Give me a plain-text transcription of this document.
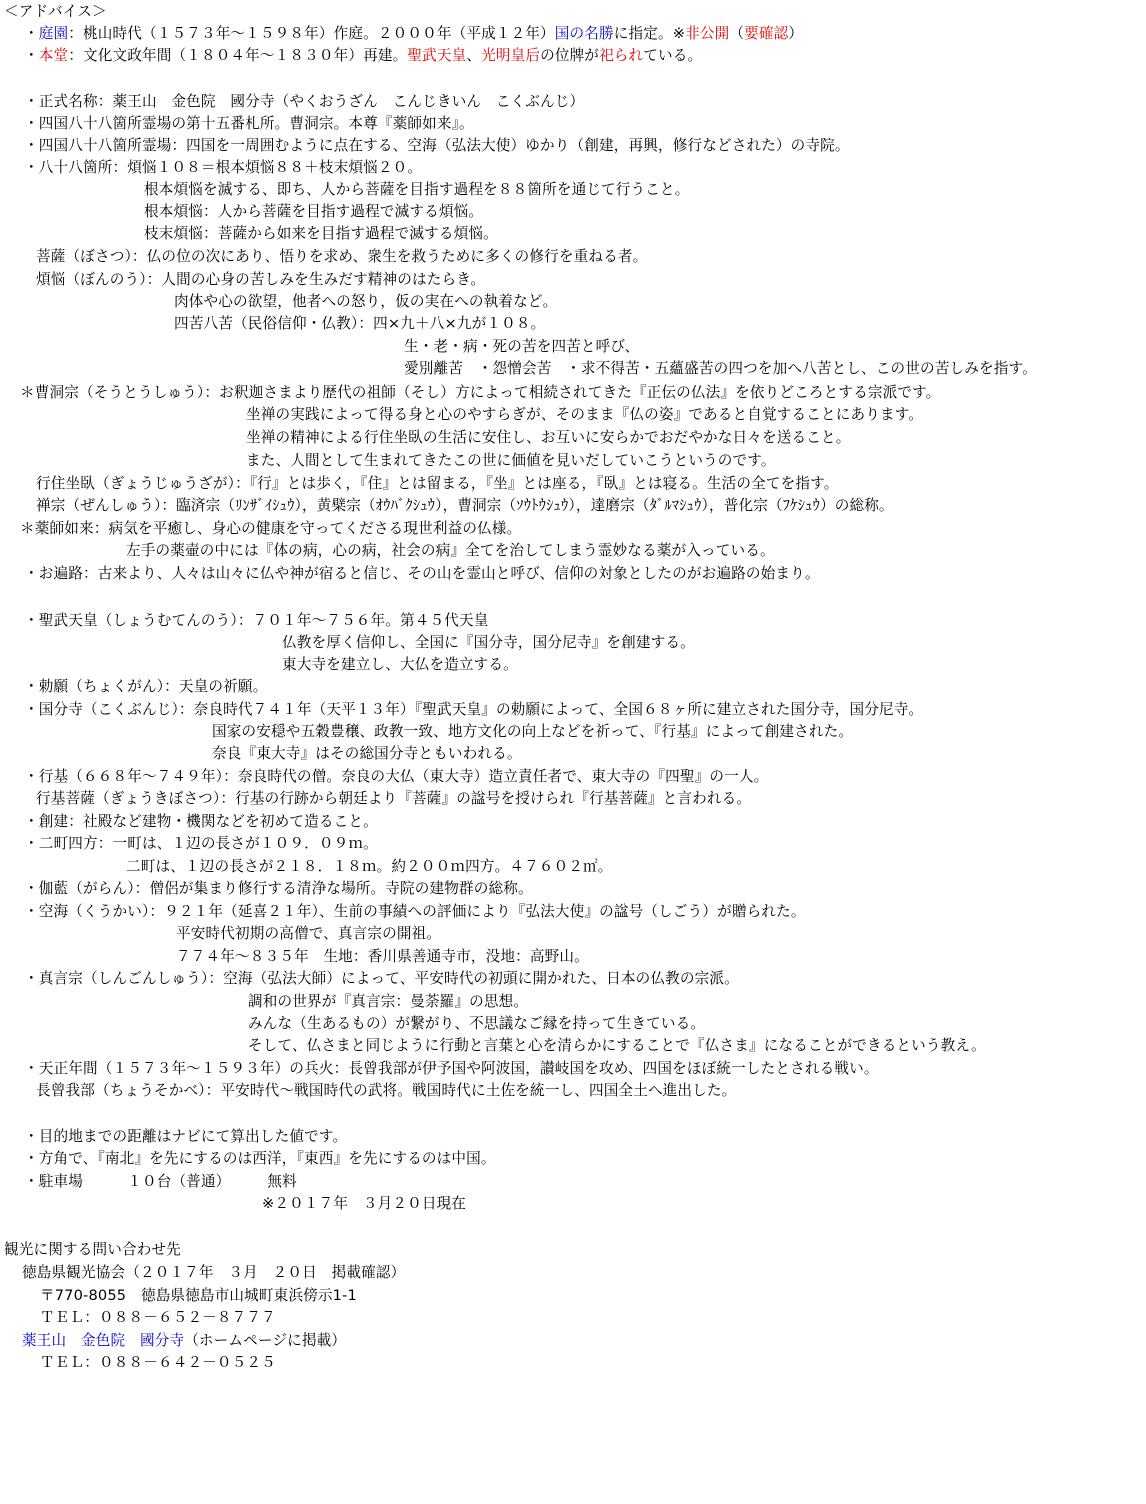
＜アドバイス＞
・庭園：桃山時代（１５７３年～１５９８年）作庭。２０００年（平成１２年）国の名勝に指定。※非公開（要確認）
・本堂：文化文政年間（１８０４年～１８３０年）再建。聖武天皇、光明皇后の位牌が祀られている。
・正式名称：薬王山　金色院　國分寺（やくおうざん　こんじきいん　こくぶんじ）
・四国八十八箇所霊場の第十五番札所。曹洞宗。本尊『薬師如来』。
・四国八十八箇所霊場：四国を一周囲むように点在する、空海（弘法大使）ゆかり（創建，再興，修行などされた）の寺院。
・八十八箇所：煩悩１０８＝根本煩悩８８＋枝末煩悩２０。
根本煩悩を滅する、即ち、人から菩薩を目指す過程を８８箇所を通じて行うこと。
根本煩悩：人から菩薩を目指す過程で滅する煩悩。
枝末煩悩：菩薩から如来を目指す過程で滅する煩悩。
菩薩（ぼさつ）：仏の位の次にあり、悟りを求め、衆生を救うために多くの修行を重ねる者。
煩悩（ぼんのう）：人間の心身の苦しみを生みだす精神のはたらき。
肉体や心の欲望，他者への怒り，仮の実在への執着など。
四苦八苦（民俗信仰・仏教）：四×九＋八×九が１０８。
生・老・病・死の苦を四苦と呼び、
愛別離苦　・怨憎会苦　・求不得苦・五蘊盛苦の四つを加へ八苦とし、この世の苦しみを指す。
＊曹洞宗（そうとうしゅう）：お釈迦さまより歴代の祖師（そし）方によって相続されてきた『正伝の仏法』を依りどころとする宗派です。
坐禅の実践によって得る身と心のやすらぎが、そのまま『仏の姿』であると自覚することにあります。
坐禅の精神による行住坐臥の生活に安住し、お互いに安らかでおだやかな日々を送ること。
また、人間として生まれてきたこの世に価値を見いだしていこうというのです。
行住坐臥（ぎょうじゅうざが）：『行』とは歩く，『住』とは留まる，『坐』とは座る，『臥』とは寝る。生活の全てを指す。
禅宗（ぜんしゅう）：臨済宗（ﾘﾝｻﾞｲｼｭｳ），黄檗宗（ｵｳﾊﾞｸｼｭｳ），曹洞宗（ｿｳﾄｳｼｭｳ），達磨宗（ﾀﾞﾙﾏｼｭｳ），普化宗（ﾌｹｼｭｳ）の総称。
＊薬師如来：病気を平癒し、身心の健康を守ってくださる現世利益の仏様。
左手の薬壷の中には『体の病，心の病，社会の病』全てを治してしまう霊妙なる薬が入っている。
・お遍路：古来より、人々は山々に仏や神が宿ると信じ、その山を霊山と呼び、信仰の対象としたのがお遍路の始まり。
・聖武天皇（しょうむてんのう）：７０１年～７５６年。第４５代天皇
仏教を厚く信仰し、全国に『国分寺，国分尼寺』を創建する。
東大寺を建立し、大仏を造立する。
・勅願（ちょくがん）：天皇の祈願。
・国分寺（こくぶんじ）：奈良時代７４１年（天平１３年）『聖武天皇』の勅願によって、全国６８ヶ所に建立された国分寺，国分尼寺。
国家の安穏や五穀豊穣、政教一致、地方文化の向上などを祈って、『行基』によって創建された。
奈良『東大寺』はその総国分寺ともいわれる。
・行基（６６８年～７４９年）：奈良時代の僧。奈良の大仏（東大寺）造立責任者で、東大寺の『四聖』の一人。
行基菩薩（ぎょうきぼさつ）：行基の行跡から朝廷より『菩薩』の諡号を授けられ『行基菩薩』と言われる。
・創建：社殿など建物・機関などを初めて造ること。
・二町四方：一町は、１辺の長さが１０９．０９ｍ。
二町は、１辺の長さが２１８．１８ｍ。約２００ｍ四方。４７６０２㎡。
・伽藍（がらん）：僧侶が集まり修行する清浄な場所。寺院の建物群の総称。
・空海（くうかい）：９２１年（延喜２１年）、生前の事績への評価により『弘法大使』の諡号（しごう）が贈られた。
平安時代初期の高僧で、真言宗の開祖。
７７４年～８３５年　生地：香川県善通寺市，没地：高野山。
・真言宗（しんごんしゅう）：空海（弘法大師）によって、平安時代の初頭に開かれた、日本の仏教の宗派。
調和の世界が『真言宗：曼荼羅』の思想。
みんな（生あるもの）が繋がり、不思議なご縁を持って生きている。
そして、仏さまと同じように行動と言葉と心を清らかにすることで『仏さま』になることができるという教え。
・天正年間（１５７３年～１５９３年）の兵火：長曾我部が伊予国や阿波国，讃岐国を攻め、四国をほぼ統一したとされる戦い。
長曾我部（ちょうそかべ）：平安時代～戦国時代の武将。戦国時代に土佐を統一し、四国全土へ進出した。
・目的地までの距離はナビにて算出した値です。
・方角で、『南北』を先にするのは西洋，『東西』を先にするのは中国。
・駐車場　　　１０台（普通）　　　無料
※２０１７年　３月２０日現在
観光に関する問い合わせ先
徳島県観光協会（２０１７年　３月　２０日　掲載確認）
〒770-8055　徳島県徳島市山城町東浜傍示1-1
ＴＥＬ：０８８－６５２－８７７７
薬王山　金色院　國分寺（ホームページに掲載）
ＴＥＬ：０８８－６４２－０５２５
